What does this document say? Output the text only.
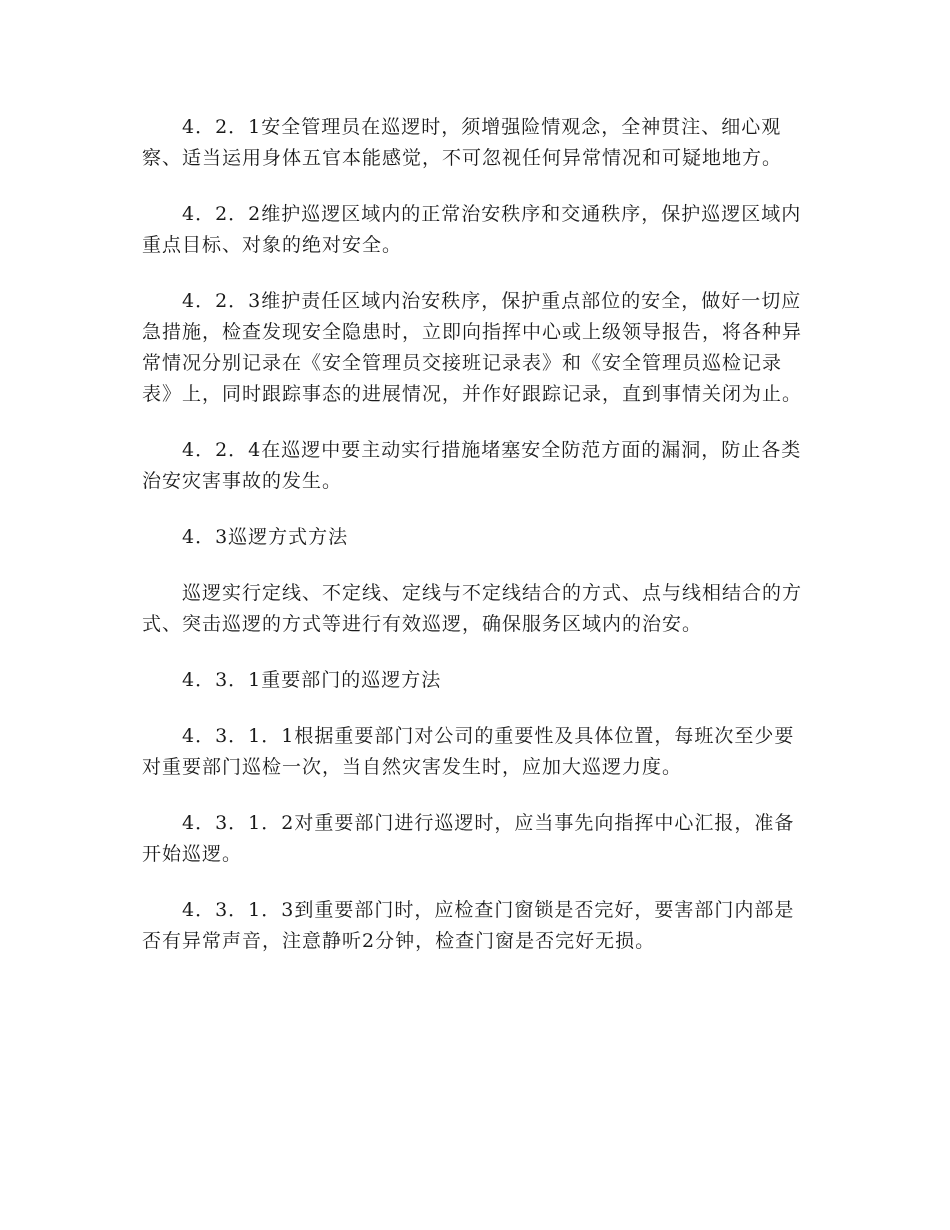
4．2．1安全管理员在巡逻时，须增强险情观念，全神贯注、细心观察、适当运用身体五官本能感觉，不可忽视任何异常情况和可疑地地方。

4．2．2维护巡逻区域内的正常治安秩序和交通秩序，保护巡逻区域内重点目标、对象的绝对安全。

4．2．3维护责任区域内治安秩序，保护重点部位的安全，做好一切应急措施，检查发现安全隐患时，立即向指挥中心或上级领导报告，将各种异常情况分别记录在《安全管理员交接班记录表》和《安全管理员巡检记录表》上，同时跟踪事态的进展情况，并作好跟踪记录，直到事情关闭为止。

4．2．4在巡逻中要主动实行措施堵塞安全防范方面的漏洞，防止各类治安灾害事故的发生。

4．3巡逻方式方法

巡逻实行定线、不定线、定线与不定线结合的方式、点与线相结合的方式、突击巡逻的方式等进行有效巡逻，确保服务区域内的治安。

4．3．1重要部门的巡逻方法

4．3．1．1根据重要部门对公司的重要性及具体位置，每班次至少要对重要部门巡检一次，当自然灾害发生时，应加大巡逻力度。

4．3．1．2对重要部门进行巡逻时，应当事先向指挥中心汇报，准备开始巡逻。

4．3．1．3到重要部门时，应检查门窗锁是否完好，要害部门内部是否有异常声音，注意静听2分钟，检查门窗是否完好无损。
